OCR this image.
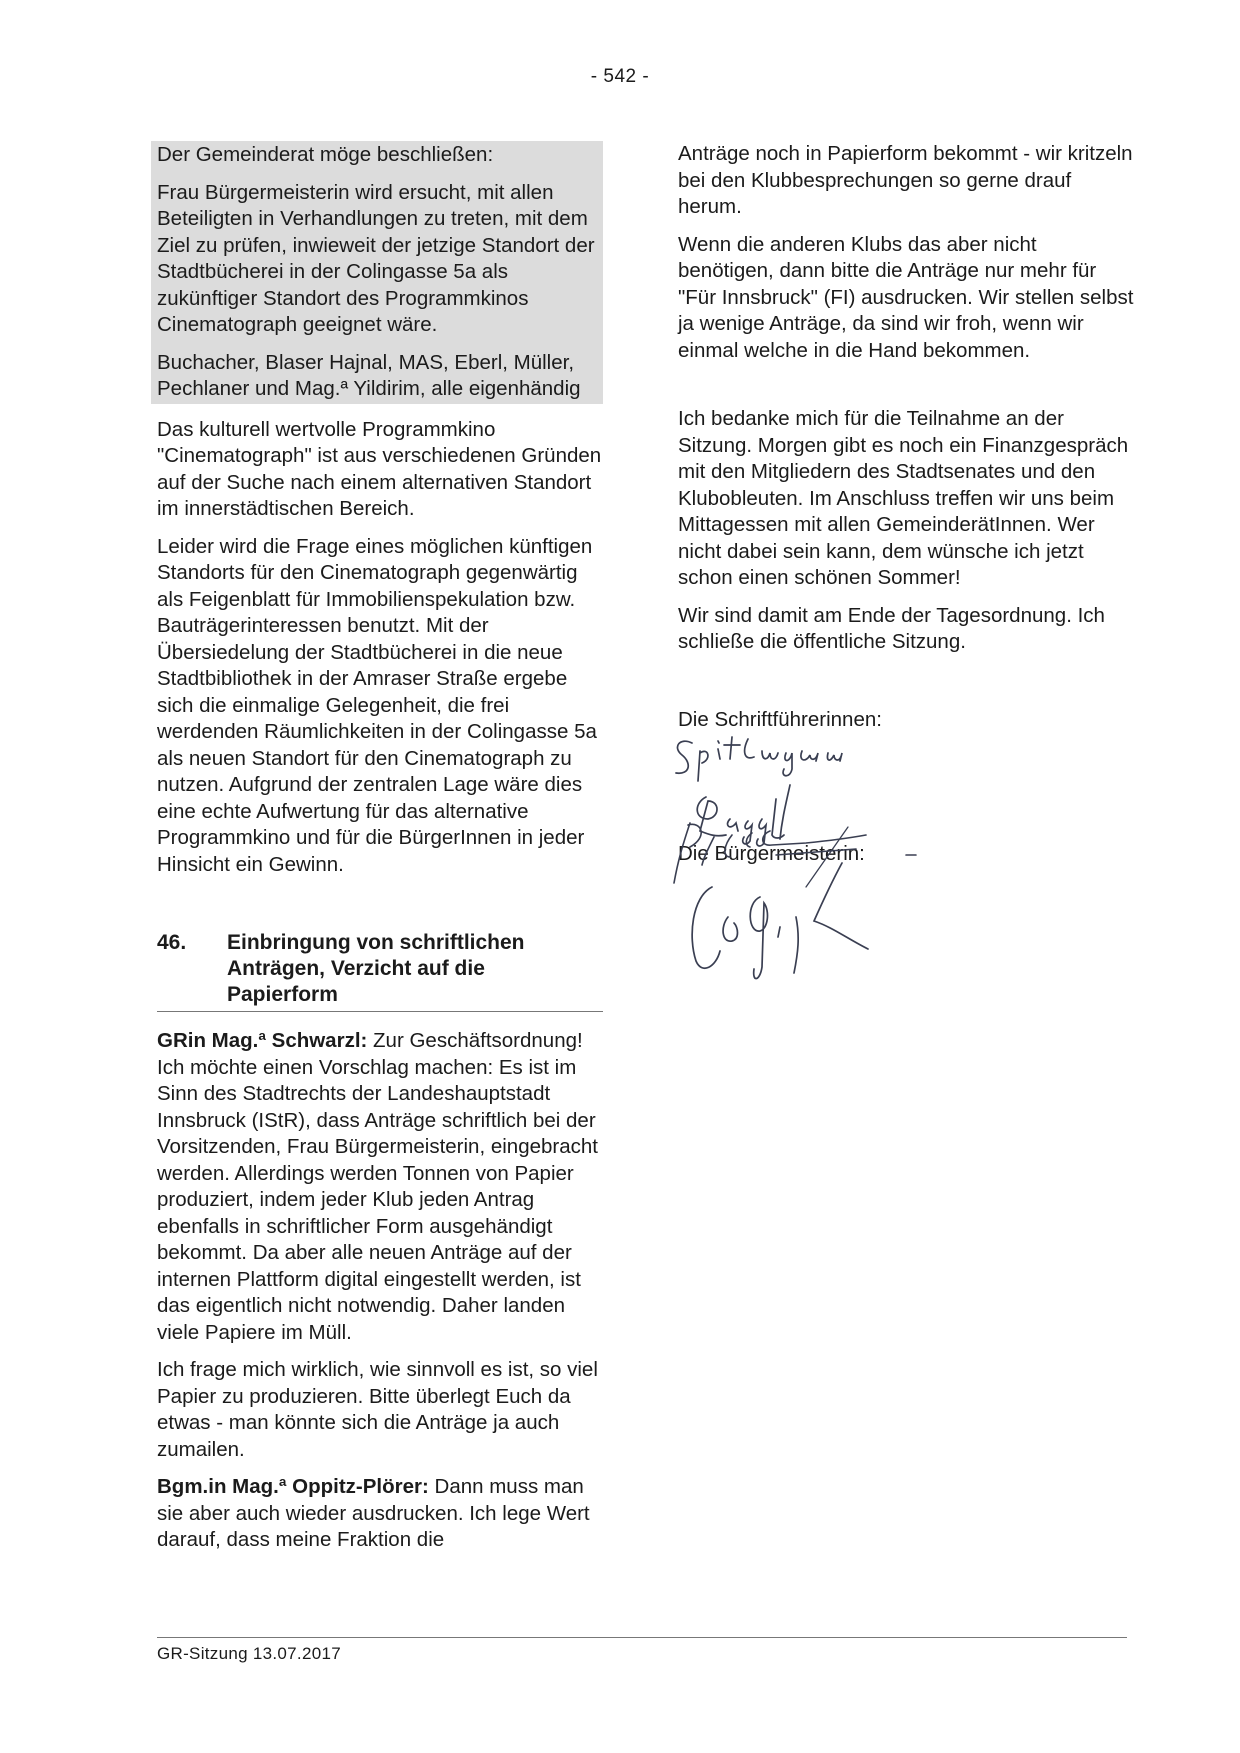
- 542 -

Der Gemeinderat möge beschließen:

Frau Bürgermeisterin wird ersucht, mit allen Beteiligten in Verhandlungen zu treten, mit dem Ziel zu prüfen, inwieweit der jetzige Standort der Stadtbücherei in der Colingasse 5a als zukünftiger Standort des Programmkinos Cinematograph geeignet wäre.

Buchacher, Blaser Hajnal, MAS, Eberl, Müller, Pechlaner und Mag.ª Yildirim, alle eigenhändig

Das kulturell wertvolle Programmkino "Cinematograph" ist aus verschiedenen Gründen auf der Suche nach einem alternativen Standort im innerstädtischen Bereich.

Leider wird die Frage eines möglichen künftigen Standorts für den Cinematograph gegenwärtig als Feigenblatt für Immobilienspekulation bzw. Bauträgerinteressen benutzt. Mit der Übersiedelung der Stadtbücherei in die neue Stadtbibliothek in der Amraser Straße ergebe sich die einmalige Gelegenheit, die frei werdenden Räumlichkeiten in der Colingasse 5a als neuen Standort für den Cinematograph zu nutzen. Aufgrund der zentralen Lage wäre dies eine echte Aufwertung für das alternative Programmkino und für die BürgerInnen in jeder Hinsicht ein Gewinn.

46.	Einbringung von schriftlichen Anträgen, Verzicht auf die Papierform

GRin Mag.ª Schwarzl: Zur Geschäftsordnung! Ich möchte einen Vorschlag machen: Es ist im Sinn des Stadtrechts der Landeshauptstadt Innsbruck (IStR), dass Anträge schriftlich bei der Vorsitzenden, Frau Bürgermeisterin, eingebracht werden. Allerdings werden Tonnen von Papier produziert, indem jeder Klub jeden Antrag ebenfalls in schriftlicher Form ausgehändigt bekommt. Da aber alle neuen Anträge auf der internen Plattform digital eingestellt werden, ist das eigentlich nicht notwendig. Daher landen viele Papiere im Müll.

Ich frage mich wirklich, wie sinnvoll es ist, so viel Papier zu produzieren. Bitte überlegt Euch da etwas - man könnte sich die Anträge ja auch zumailen.

Bgm.in Mag.ª Oppitz-Plörer: Dann muss man sie aber auch wieder ausdrucken. Ich lege Wert darauf, dass meine Fraktion die

Anträge noch in Papierform bekommt - wir kritzeln bei den Klubbesprechungen so gerne drauf herum.

Wenn die anderen Klubs das aber nicht benötigen, dann bitte die Anträge nur mehr für "Für Innsbruck" (FI) ausdrucken. Wir stellen selbst ja wenige Anträge, da sind wir froh, wenn wir einmal welche in die Hand bekommen.

Ich bedanke mich für die Teilnahme an der Sitzung. Morgen gibt es noch ein Finanzgespräch mit den Mitgliedern des Stadtsenates und den Klubobleuten. Im Anschluss treffen wir uns beim Mittagessen mit allen GemeinderätInnen. Wer nicht dabei sein kann, dem wünsche ich jetzt schon einen schönen Sommer!

Wir sind damit am Ende der Tagesordnung. Ich schließe die öffentliche Sitzung.

Die Schriftführerinnen:
Die Bürgermeisterin:
GR-Sitzung 13.07.2017
